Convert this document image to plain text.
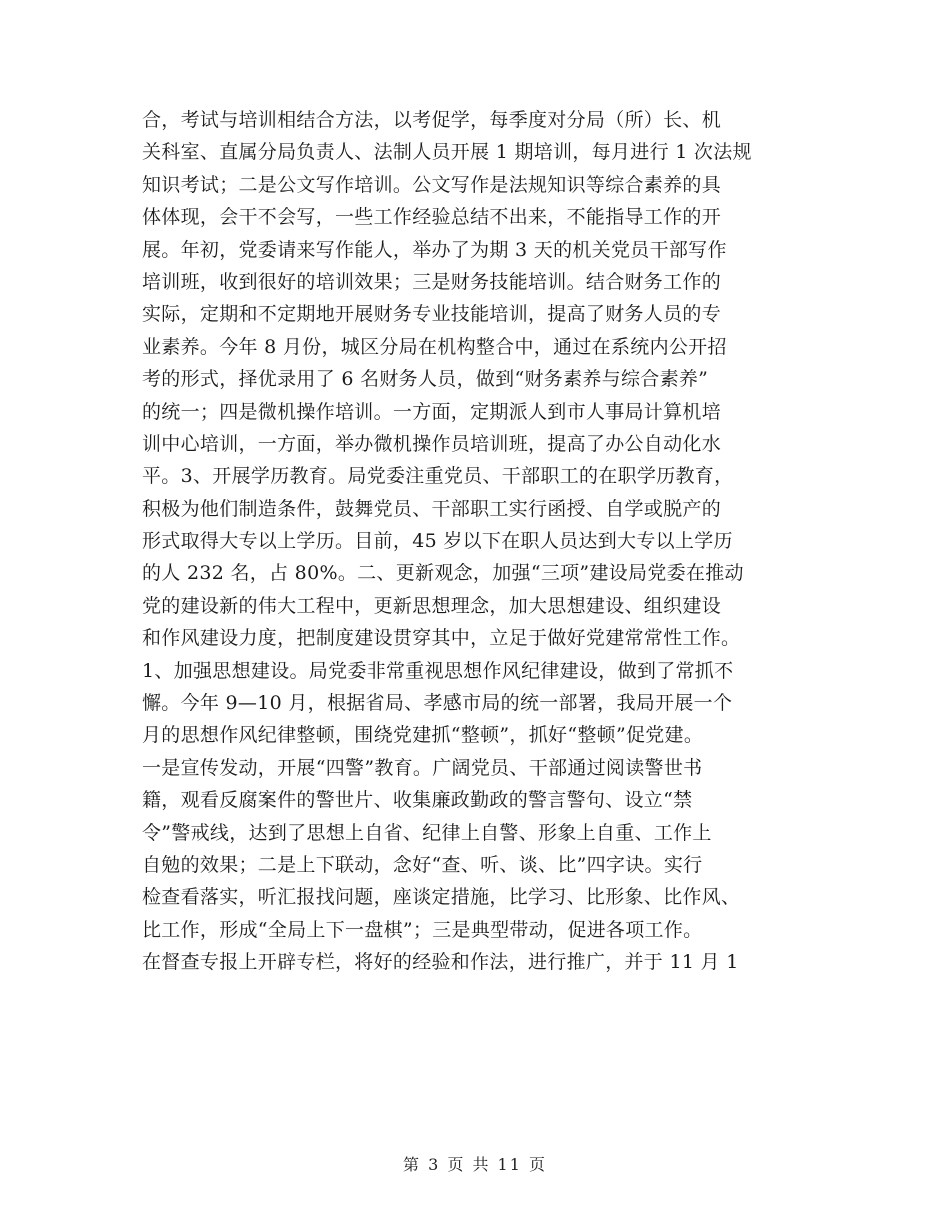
合，考试与培训相结合方法，以考促学，每季度对分局（所）长、机
关科室、直属分局负责人、法制人员开展 1 期培训，每月进行 1 次法规
知识考试；二是公文写作培训。公文写作是法规知识等综合素养的具
体体现，会干不会写，一些工作经验总结不出来，不能指导工作的开
展。年初，党委请来写作能人，举办了为期 3 天的机关党员干部写作
培训班，收到很好的培训效果；三是财务技能培训。结合财务工作的
实际，定期和不定期地开展财务专业技能培训，提高了财务人员的专
业素养。今年 8 月份，城区分局在机构整合中，通过在系统内公开招
考的形式，择优录用了 6 名财务人员，做到“财务素养与综合素养”
的统一；四是微机操作培训。一方面，定期派人到市人事局计算机培
训中心培训，一方面，举办微机操作员培训班，提高了办公自动化水
平。3、开展学历教育。局党委注重党员、干部职工的在职学历教育，
积极为他们制造条件，鼓舞党员、干部职工实行函授、自学或脱产的
形式取得大专以上学历。目前，45 岁以下在职人员达到大专以上学历
的人 232 名，占 80%。二、更新观念，加强“三项”建设局党委在推动
党的建设新的伟大工程中，更新思想理念，加大思想建设、组织建设
和作风建设力度，把制度建设贯穿其中，立足于做好党建常常性工作。
1、加强思想建设。局党委非常重视思想作风纪律建设，做到了常抓不
懈。今年 9—10 月，根据省局、孝感市局的统一部署，我局开展一个
月的思想作风纪律整顿，围绕党建抓“整顿”，抓好“整顿”促党建。
一是宣传发动，开展“四警”教育。广阔党员、干部通过阅读警世书
籍，观看反腐案件的警世片、收集廉政勤政的警言警句、设立“禁
令”警戒线，达到了思想上自省、纪律上自警、形象上自重、工作上
自勉的效果；二是上下联动，念好“查、听、谈、比”四字诀。实行
检查看落实，听汇报找问题，座谈定措施，比学习、比形象、比作风、
比工作，形成“全局上下一盘棋”；三是典型带动，促进各项工作。
在督查专报上开辟专栏，将好的经验和作法，进行推广，并于 11 月 1
第 3 页 共 11 页
